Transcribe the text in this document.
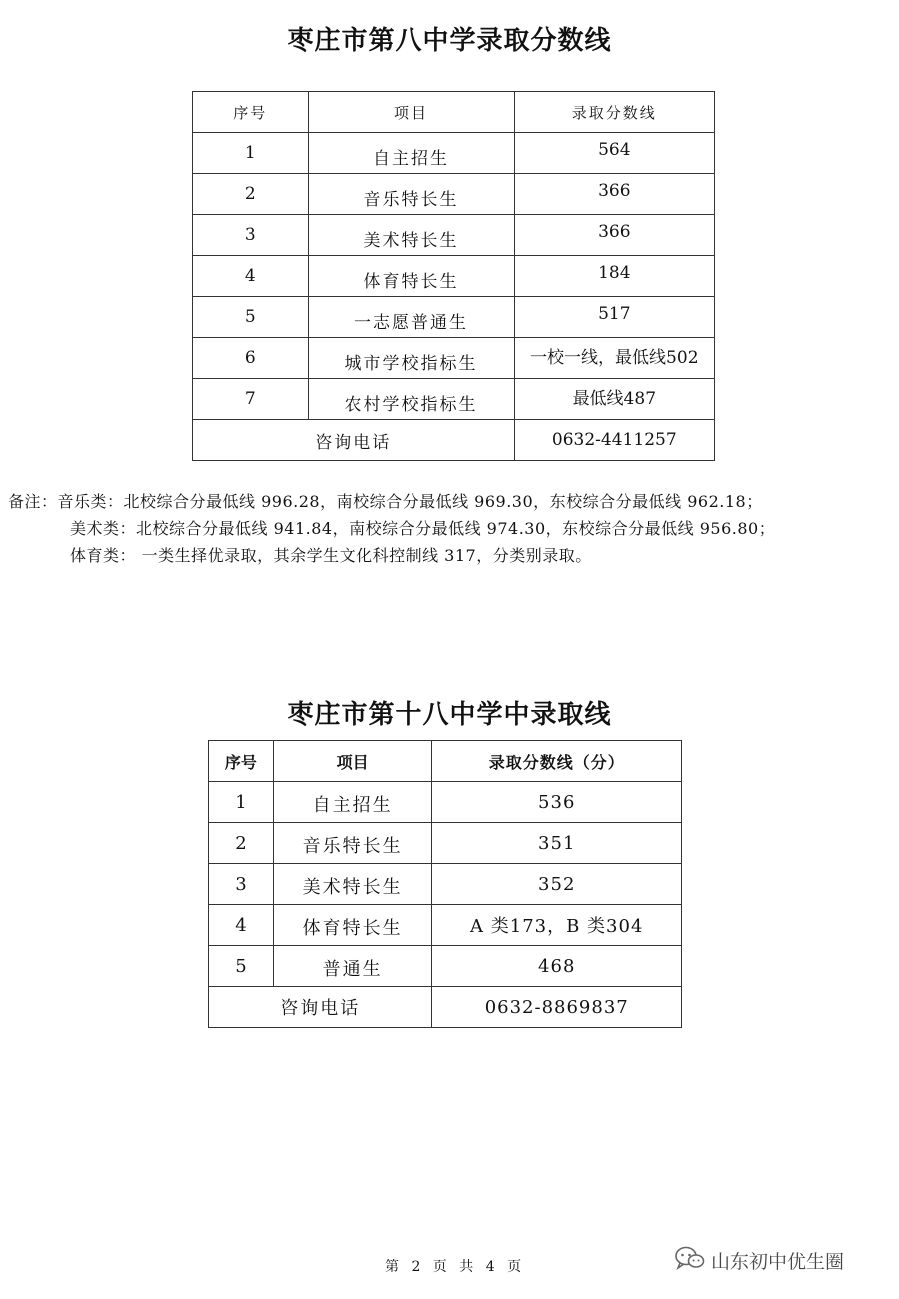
枣庄市第八中学录取分数线
序号	项目	录取分数线
1	自主招生	564
2	音乐特长生	366
3	美术特长生	366
4	体育特长生	184
5	一志愿普通生	517
6	城市学校指标生	一校一线，最低线502
7	农村学校指标生	最低线487
咨询电话		0632-4411257
备注：音乐类：北校综合分最低线 996.28，南校综合分最低线 969.30，东校综合分最低线 962.18；
美术类：北校综合分最低线 941.84，南校综合分最低线 974.30，东校综合分最低线 956.80；
体育类： 一类生择优录取，其余学生文化科控制线 317，分类别录取。
枣庄市第十八中学中录取线
序号	项目	录取分数线（分）
1	自主招生	536
2	音乐特长生	351
3	美术特长生	352
4	体育特长生	A 类173，B 类304
5	普通生	468
咨询电话		0632-8869837
第 2 页 共 4 页	山东初中优生圈
